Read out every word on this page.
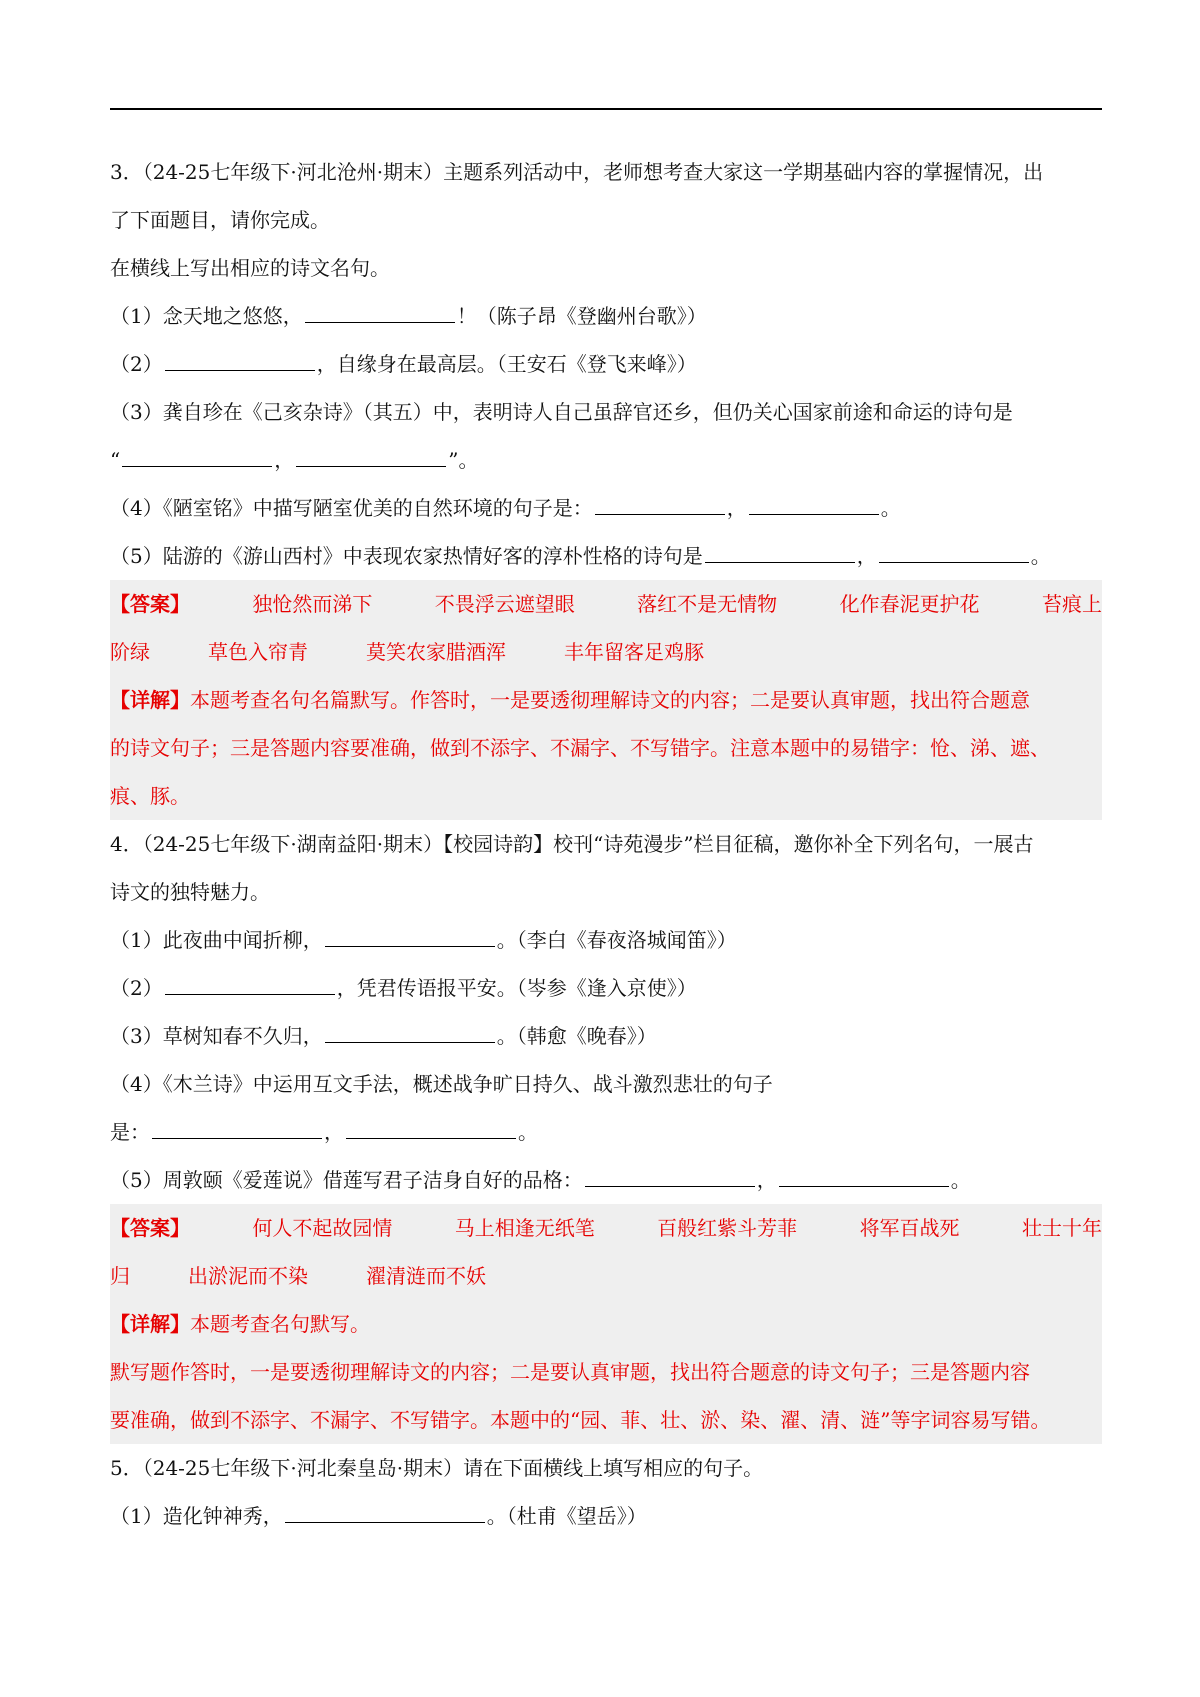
3．（24-25七年级下·河北沧州·期末）主题系列活动中，老师想考查大家这一学期基础内容的掌握情况，出
了下面题目，请你完成。
在横线上写出相应的诗文名句。
（1）念天地之悠悠，	！（陈子昂《登幽州台歌》）
（2）	，自缘身在最高层。（王安石《登飞来峰》）
（3）龚自珍在《己亥杂诗》（其五）中，表明诗人自己虽辞官还乡，但仍关心国家前途和命运的诗句是
“	，	”。
（4）《陋室铭》中描写陋室优美的自然环境的句子是：	，	。
（5）陆游的《游山西村》中表现农家热情好客的淳朴性格的诗句是	，	。
【答案】	独怆然而涕下	不畏浮云遮望眼	落红不是无情物	化作春泥更护花	苔痕上
阶绿	草色入帘青	莫笑农家腊酒浑	丰年留客足鸡豚
【详解】本题考查名句名篇默写。作答时，一是要透彻理解诗文的内容；二是要认真审题，找出符合题意
的诗文句子；三是答题内容要准确，做到不添字、不漏字、不写错字。注意本题中的易错字：怆、涕、遮、
痕、豚。
4．（24-25七年级下·湖南益阳·期末）【校园诗韵】校刊“诗苑漫步”栏目征稿，邀你补全下列名句，一展古
诗文的独特魅力。
（1）此夜曲中闻折柳，	。（李白《春夜洛城闻笛》）
（2）	，凭君传语报平安。（岑参《逢入京使》）
（3）草树知春不久归，	。（韩愈《晚春》）
（4）《木兰诗》中运用互文手法，概述战争旷日持久、战斗激烈悲壮的句子
是：	，	。
（5）周敦颐《爱莲说》借莲写君子洁身自好的品格：	，	。
【答案】	何人不起故园情	马上相逢无纸笔	百般红紫斗芳菲	将军百战死	壮士十年
归	出淤泥而不染	濯清涟而不妖
【详解】本题考查名句默写。
默写题作答时，一是要透彻理解诗文的内容；二是要认真审题，找出符合题意的诗文句子；三是答题内容
要准确，做到不添字、不漏字、不写错字。本题中的“园、菲、壮、淤、染、濯、清、涟”等字词容易写错。
5．（24-25七年级下·河北秦皇岛·期末）请在下面横线上填写相应的句子。
（1）造化钟神秀，	。（杜甫《望岳》）
